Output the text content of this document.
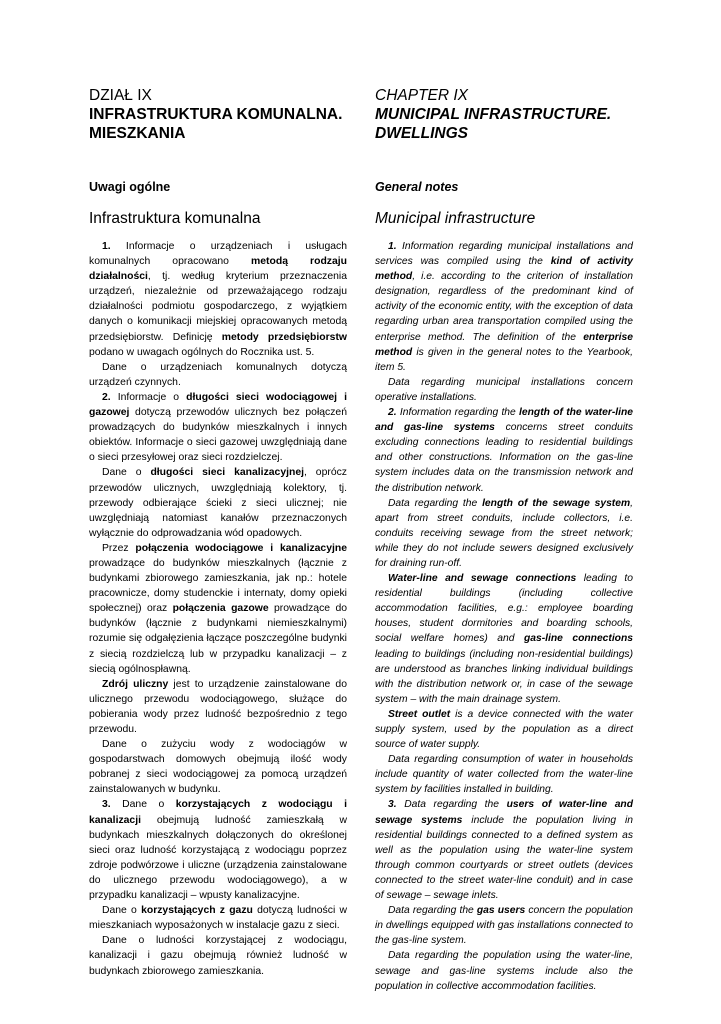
DZIAŁ IX
INFRASTRUKTURA KOMUNALNA.
MIESZKANIA
Uwagi ogólne
Infrastruktura komunalna

1. Informacje o urządzeniach i usługach komunalnych opracowano metodą rodzaju działalności, tj. według kryterium przeznaczenia urządzeń, niezależnie od przeważającego rodzaju działalności podmiotu gospodarczego, z wyjątkiem danych o komunikacji miejskiej opracowanych metodą przedsiębiorstw. Definicję metody przedsiębiorstw podano w uwagach ogólnych do Rocznika ust. 5.

Dane o urządzeniach komunalnych dotyczą urządzeń czynnych.

2. Informacje o długości sieci wodociągowej i gazowej dotyczą przewodów ulicznych bez połączeń prowadzących do budynków mieszkalnych i innych obiektów. Informacje o sieci gazowej uwzględniają dane o sieci przesyłowej oraz sieci rozdzielczej.

Dane o długości sieci kanalizacyjnej, oprócz przewodów ulicznych, uwzględniają kolektory, tj. przewody odbierające ścieki z sieci ulicznej; nie uwzględniają natomiast kanałów przeznaczonych wyłącznie do odprowadzania wód opadowych.

Przez połączenia wodociągowe i kanalizacyjne prowadzące do budynków mieszkalnych (łącznie z budynkami zbiorowego zamieszkania, jak np.: hotele pracownicze, domy studenckie i internaty, domy opieki społecznej) oraz połączenia gazowe prowadzące do budynków (łącznie z budynkami niemieszkalnymi) rozumie się odgałęzienia łączące poszczególne budynki z siecią rozdzielczą lub w przypadku kanalizacji – z siecią ogólnospławną.

Zdrój uliczny jest to urządzenie zainstalowane do ulicznego przewodu wodociągowego, służące do pobierania wody przez ludność bezpośrednio z tego przewodu.

Dane o zużyciu wody z wodociągów w gospodarstwach domowych obejmują ilość wody pobranej z sieci wodociągowej za pomocą urządzeń zainstalowanych w budynku.

3. Dane o korzystających z wodociągu i kanalizacji obejmują ludność zamieszkałą w budynkach mieszkalnych dołączonych do określonej sieci oraz ludność korzystającą z wodociągu poprzez zdroje podwórzowe i uliczne (urządzenia zainstalowane do ulicznego przewodu wodociągowego), a w przypadku kanalizacji – wpusty kanalizacyjne.

Dane o korzystających z gazu dotyczą ludności w mieszkaniach wyposażonych w instalacje gazu z sieci.

Dane o ludności korzystającej z wodociągu, kanalizacji i gazu obejmują również ludność w budynkach zbiorowego zamieszkania.

CHAPTER IX
MUNICIPAL INFRASTRUCTURE.
DWELLINGS
General notes
Municipal infrastructure

1. Information regarding municipal installations and services was compiled using the kind of activity method, i.e. according to the criterion of installation designation, regardless of the predominant kind of activity of the economic entity, with the exception of data regarding urban area transportation compiled using the enterprise method. The definition of the enterprise method is given in the general notes to the Yearbook, item 5.

Data regarding municipal installations concern operative installations.

2. Information regarding the length of the water-line and gas-line systems concerns street conduits excluding connections leading to residential buildings and other constructions. Information on the gas-line system includes data on the transmission network and the distribution network.

Data regarding the length of the sewage system, apart from street conduits, include collectors, i.e. conduits receiving sewage from the street network; while they do not include sewers designed exclusively for draining run-off.

Water-line and sewage connections leading to residential buildings (including collective accommodation facilities, e.g.: employee boarding houses, student dormitories and boarding schools, social welfare homes) and gas-line connections leading to buildings (including non-residential buildings) are understood as branches linking individual buildings with the distribution network or, in case of the sewage system – with the main drainage system.

Street outlet is a device connected with the water supply system, used by the population as a direct source of water supply.

Data regarding consumption of water in households include quantity of water collected from the water-line system by facilities installed in building.

3. Data regarding the users of water-line and sewage systems include the population living in residential buildings connected to a defined system as well as the population using the water-line system through common courtyards or street outlets (devices connected to the street water-line conduit) and in case of sewage – sewage inlets.

Data regarding the gas users concern the population in dwellings equipped with gas installations connected to the gas-line system.

Data regarding the population using the water-line, sewage and gas-line systems include also the population in collective accommodation facilities.
